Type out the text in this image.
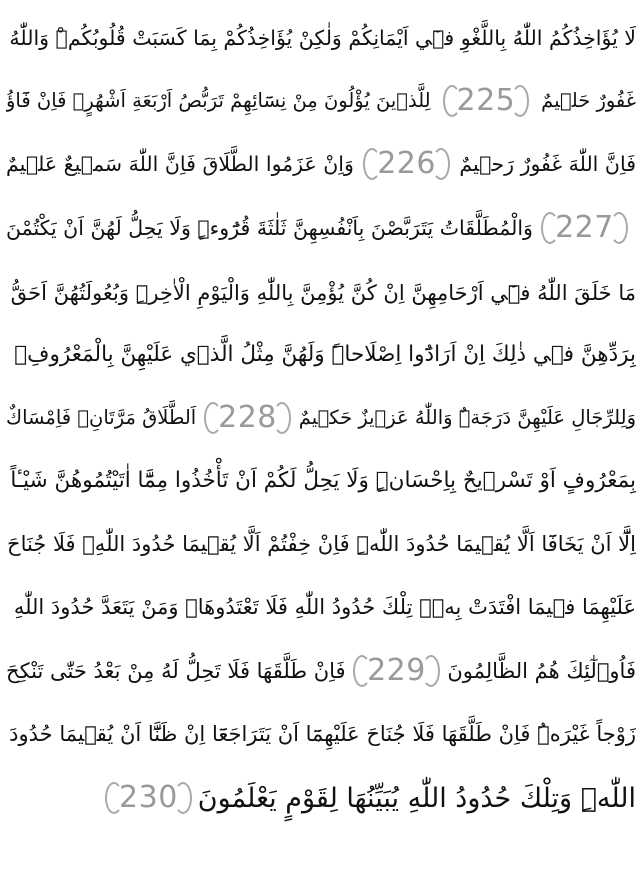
لَا يُؤَاخِذُكُمُ اللّٰهُ بِاللَّغْوِ فٖٓي اَيْمَانِكُمْ وَلٰكِنْ يُؤَاخِذُكُمْ بِمَا كَسَبَتْ قُلُوبُكُمْۜ وَاللّٰهُ
غَفُورٌ حَلٖيمٌ
225
لِلَّذٖينَ يُؤْلُونَ مِنْ نِسَٓائِهِمْ تَرَبُّصُ اَرْبَعَةِ اَشْهُرٍۚ فَاِنْ فَٓاؤُ
فَاِنَّ اللّٰهَ غَفُورٌ رَحٖيمٌ
226
وَاِنْ عَزَمُوا الطَّلَاقَ فَاِنَّ اللّٰهَ سَمٖيعٌ عَلٖيمٌ
227
وَالْمُطَلَّقَاتُ يَتَرَبَّصْنَ بِاَنْفُسِهِنَّ ثَلٰثَةَ قُرُٓوءٍۜ وَلَا يَحِلُّ لَهُنَّ اَنْ يَكْتُمْنَ
مَا خَلَقَ اللّٰهُ فٖٓي اَرْحَامِهِنَّ اِنْ كُنَّ يُؤْمِنَّ بِاللّٰهِ وَالْيَوْمِ الْاٰخِرِۜ وَبُعُولَتُهُنَّ اَحَقُّ
بِرَدِّهِنَّ فٖي ذٰلِكَ اِنْ اَرَادُٓوا اِصْلَاحاًۜ وَلَهُنَّ مِثْلُ الَّذٖي عَلَيْهِنَّ بِالْمَعْرُوفِۖ
وَلِلرِّجَالِ عَلَيْهِنَّ دَرَجَةٌۜ وَاللّٰهُ عَزٖيزٌ حَكٖيمٌ
228
اَلطَّلَاقُ مَرَّتَانِۖ فَاِمْسَاكٌ
بِمَعْرُوفٍ اَوْ تَسْرٖيحٌ بِاِحْسَانٍۜ وَلَا يَحِلُّ لَكُمْ اَنْ تَأْخُذُوا مِمَّٓا اٰتَيْتُمُوهُنَّ شَيْـٔاً
اِلَّٓا اَنْ يَخَافَٓا اَلَّا يُقٖيمَا حُدُودَ اللّٰهِۜ فَاِنْ خِفْتُمْ اَلَّا يُقٖيمَا حُدُودَ اللّٰهِۙ فَلَا جُنَاحَ
عَلَيْهِمَا فٖيمَا افْتَدَتْ بِهٖۜ تِلْكَ حُدُودُ اللّٰهِ فَلَا تَعْتَدُوهَاۚ وَمَنْ يَتَعَدَّ حُدُودَ اللّٰهِ
فَاُو۬لٰٓئِكَ هُمُ الظَّالِمُونَ
229
فَاِنْ طَلَّقَهَا فَلَا تَحِلُّ لَهُ مِنْ بَعْدُ حَتّٰى تَنْكِحَ
زَوْجاً غَيْرَهُۜ فَاِنْ طَلَّقَهَا فَلَا جُنَاحَ عَلَيْهِمَٓا اَنْ يَتَرَاجَعَٓا اِنْ ظَنَّٓا اَنْ يُقٖيمَا حُدُودَ
اللّٰهِۜ وَتِلْكَ حُدُودُ اللّٰهِ يُبَيِّنُهَا لِقَوْمٍ يَعْلَمُونَ
230
